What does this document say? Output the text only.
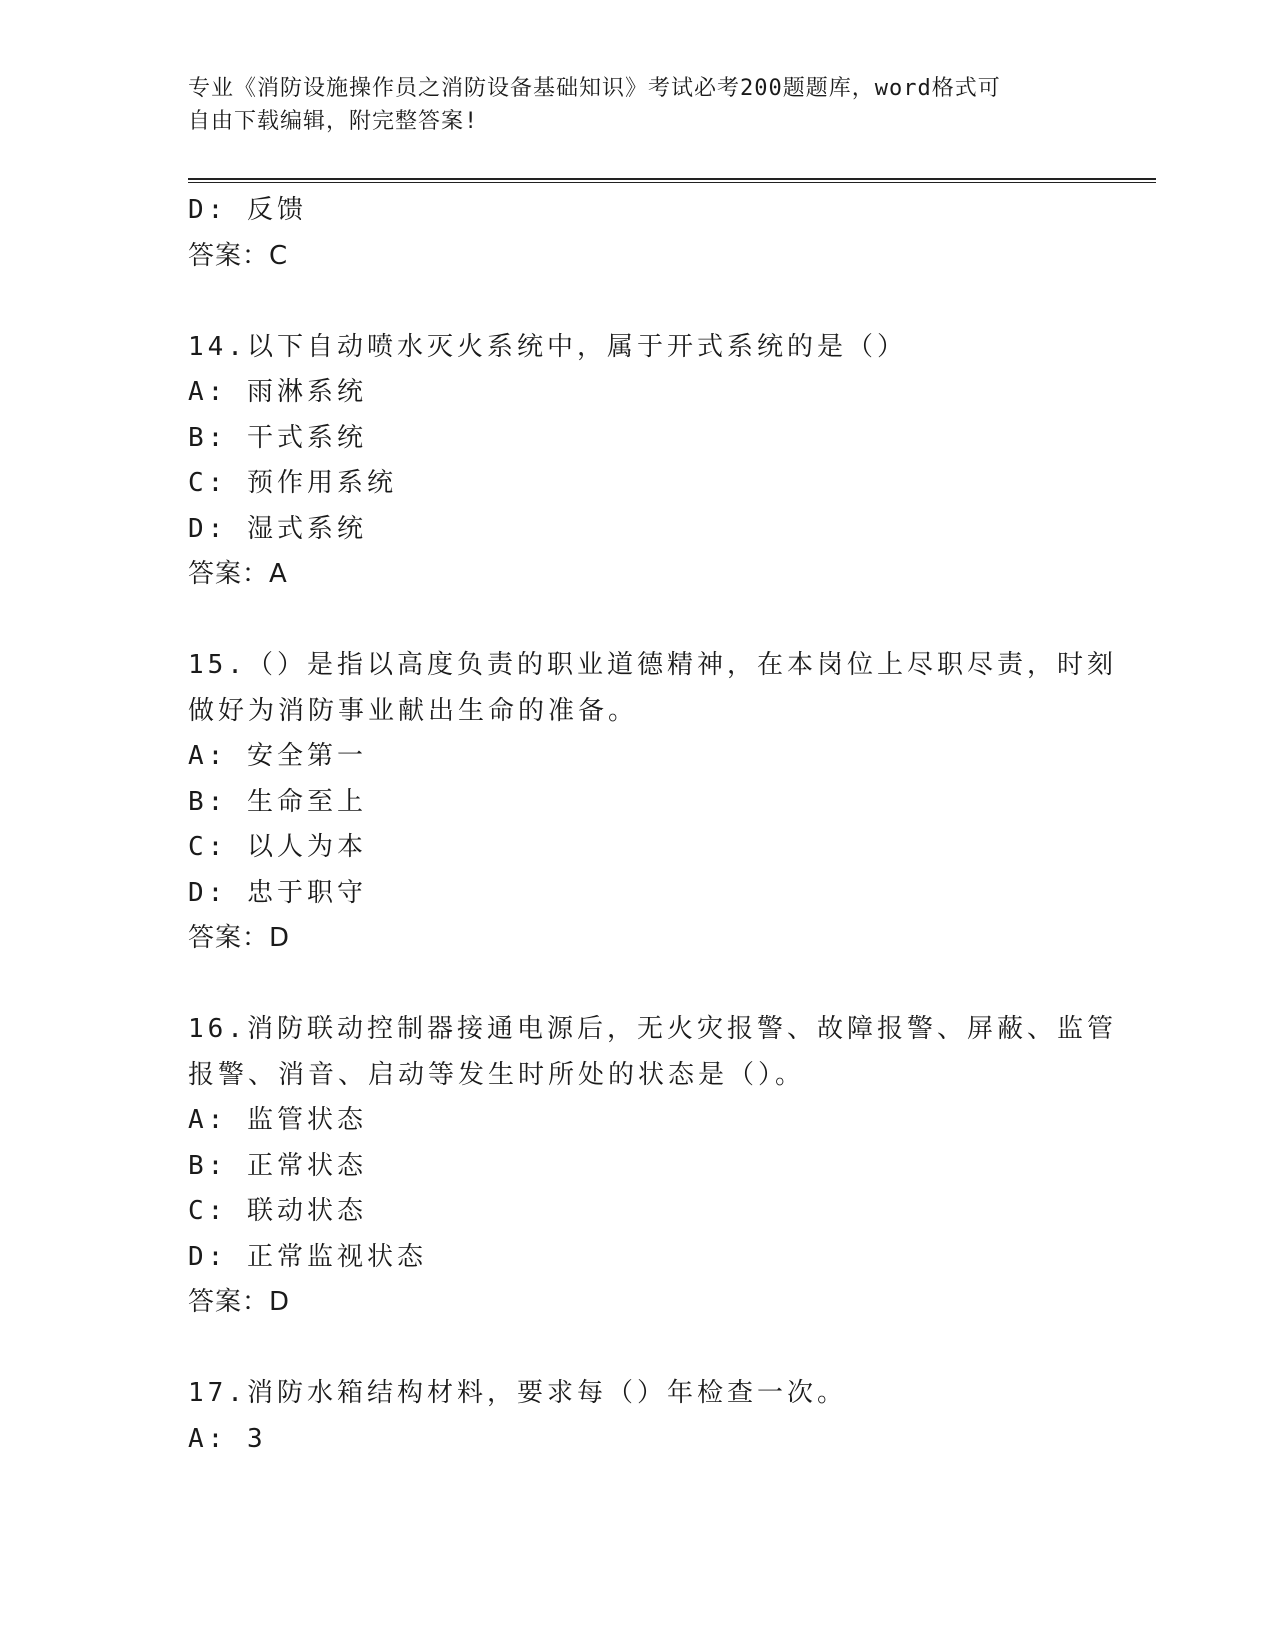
专业《消防设施操作员之消防设备基础知识》考试必考200题题库，word格式可
自由下载编辑，附完整答案!
D: 反馈
答案：C
14.以下自动喷水灭火系统中，属于开式系统的是（）
A: 雨淋系统
B: 干式系统
C: 预作用系统
D: 湿式系统
答案：A
15.（）是指以高度负责的职业道德精神，在本岗位上尽职尽责，时刻
做好为消防事业献出生命的准备。
A: 安全第一
B: 生命至上
C: 以人为本
D: 忠于职守
答案：D
16.消防联动控制器接通电源后，无火灾报警、故障报警、屏蔽、监管
报警、消音、启动等发生时所处的状态是（）。
A: 监管状态
B: 正常状态
C: 联动状态
D: 正常监视状态
答案：D
17.消防水箱结构材料，要求每（）年检查一次。
A: 3
